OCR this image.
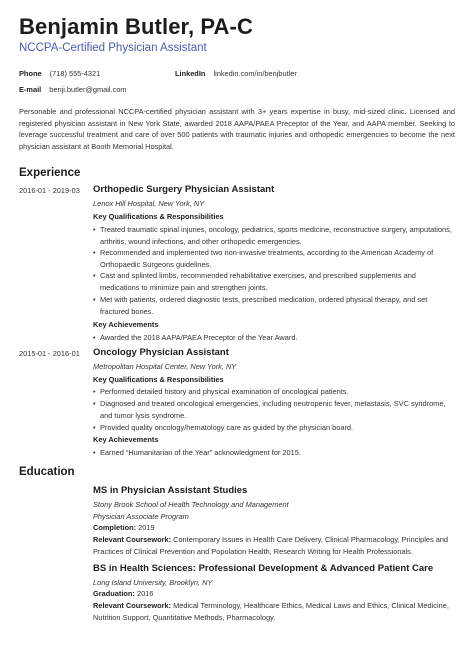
Benjamin Butler, PA-C
NCCPA-Certified Physician Assistant
Phone (718) 555-4321	LinkedIn linkedin.com/in/benjbutler
E-mail benji.butler@gmail.com
Personable and professional NCCPA-certified physician assistant with 3+ years expertise in busy, mid-sized clinic. Licensed and registered physician assistant in New York State, awarded 2018 AAPA/PAEA Preceptor of the Year, and AAPA member. Seeking to leverage successful treatment and care of over 500 patients with traumatic injuries and orthopedic emergencies to become the next physician assistant at Booth Memorial Hospital.
Experience
2016-01 - 2019-03 Orthopedic Surgery Physician Assistant
Lenox Hill Hospital, New York, NY
Key Qualifications & Responsibilities
• Treated traumatic spinal injuries, oncology, pediatrics, sports medicine, reconstructive surgery, amputations, arthritis, wound infections, and other orthopedic emergencies.
• Recommended and implemented two non-invasive treatments, according to the American Academy of Orthopaedic Surgeons guidelines.
• Cast and splinted limbs, recommended rehabilitative exercises, and prescribed supplements and medications to minimize pain and strengthen joints.
• Met with patients, ordered diagnostic tests, prescribed medication, ordered physical therapy, and set fractured bones.
Key Achievements
• Awarded the 2018 AAPA/PAEA Preceptor of the Year Award.
2015-01 - 2016-01 Oncology Physician Assistant
Metropolitan Hospital Center, New York, NY
Key Qualifications & Responsibilities
• Performed detailed history and physical examination of oncological patients.
• Diagnosed and treated oncological emergencies, including neutropenic fever, metastasis, SVC syndrome, and tumor lysis syndrome.
• Provided quality oncology/hematology care as guided by the physician board.
Key Achievements
• Earned “Humanitarian of the Year” acknowledgment for 2015.
Education
MS in Physician Assistant Studies
Stony Brook School of Health Technology and Management
Physician Associate Program
Completion: 2019
Relevant Coursework: Contemporary Issues in Health Care Delivery, Clinical Pharmacology, Principles and Practices of Clinical Prevention and Population Health, Research Writing for Health Professionals.
BS in Health Sciences: Professional Development & Advanced Patient Care
Long Island University, Brooklyn, NY
Graduation: 2016
Relevant Coursework: Medical Terminology, Healthcare Ethics, Medical Laws and Ethics, Clinical Medicine, Nutrition Support, Quantitative Methods, Pharmacology.
